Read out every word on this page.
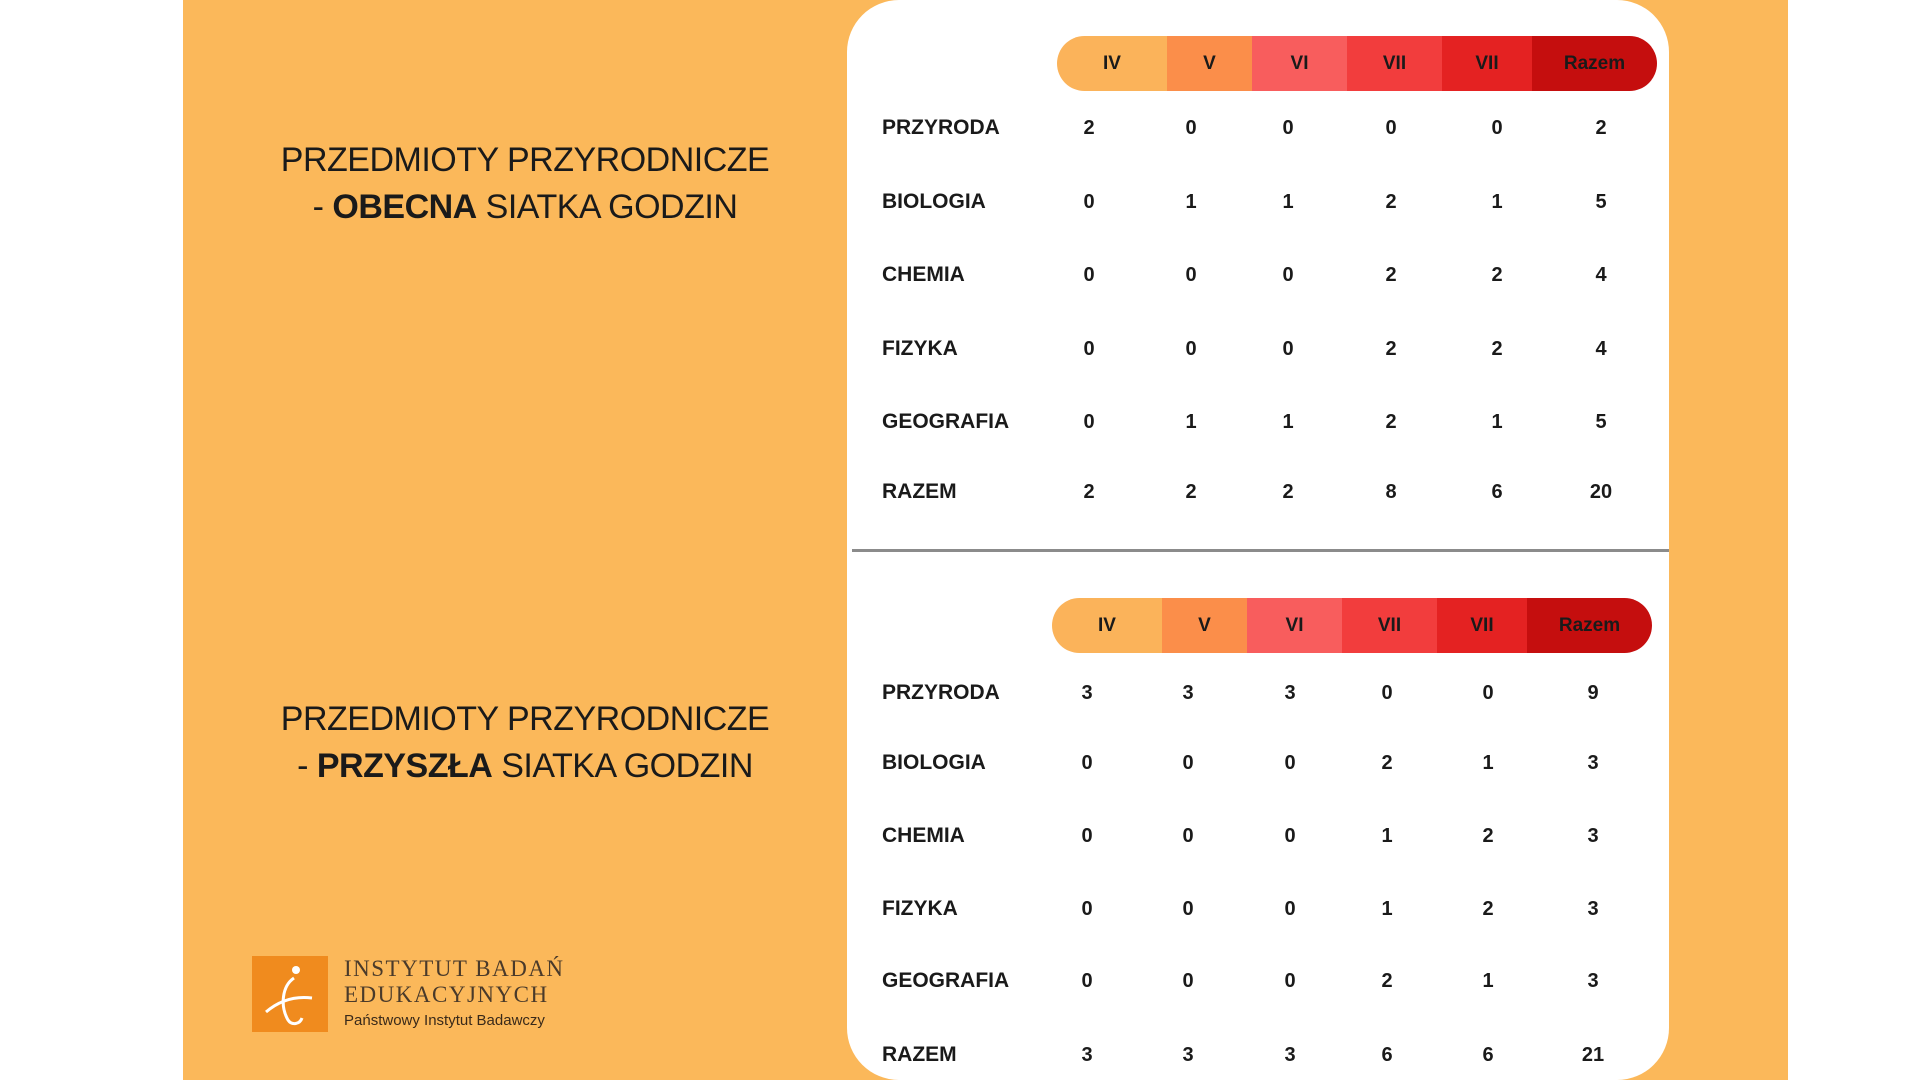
PRZEDMIOTY PRZYRODNICZE
- OBECNA SIATKA GODZIN
PRZEDMIOTY PRZYRODNICZE
- PRZYSZŁA SIATKA GODZIN
INSTYTUT BADAŃ
EDUKACYJNYCH
Państwowy Instytut Badawczy
IV	V	VI	VII	VII	Razem
IV	V	VI	VII	VII	Razem
PRZYRODA	2	0	0	0	0	2
BIOLOGIA	0	1	1	2	1	5
CHEMIA	0	0	0	2	2	4
FIZYKA	0	0	0	2	2	4
GEOGRAFIA	0	1	1	2	1	5
RAZEM	2	2	2	8	6	20
PRZYRODA	3	3	3	0	0	9
BIOLOGIA	0	0	0	2	1	3
CHEMIA	0	0	0	1	2	3
FIZYKA	0	0	0	1	2	3
GEOGRAFIA	0	0	0	2	1	3
RAZEM	3	3	3	6	6	21
